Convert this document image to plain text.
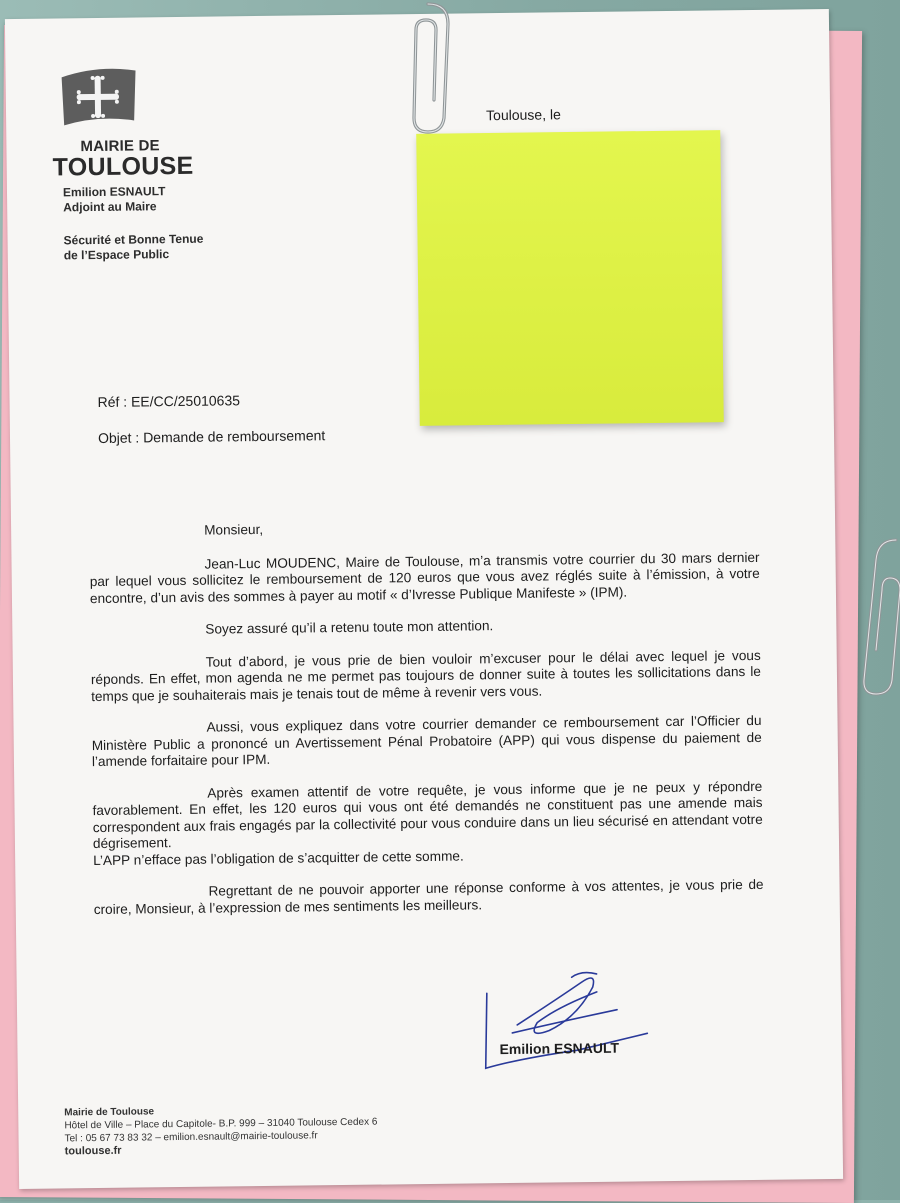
MAIRIE DE
TOULOUSE
Emilion ESNAULT
Adjoint au Maire
Sécurité et Bonne Tenue
de l’Espace Public
Toulouse, le
Réf : EE/CC/25010635
Objet : Demande de remboursement

Monsieur,

Jean-Luc MOUDENC, Maire de Toulouse, m’a transmis votre courrier du 30 mars dernier par lequel vous sollicitez le remboursement de 120 euros que vous avez réglés suite à l’émission, à votre encontre, d’un avis des sommes à payer au motif « d’Ivresse Publique Manifeste » (IPM).

Soyez assuré qu’il a retenu toute mon attention.

Tout d’abord, je vous prie de bien vouloir m’excuser pour le délai avec lequel je vous réponds. En effet, mon agenda ne me permet pas toujours de donner suite à toutes les sollicitations dans le temps que je souhaiterais mais je tenais tout de même à revenir vers vous.

Aussi, vous expliquez dans votre courrier demander ce remboursement car l’Officier du Ministère Public a prononcé un Avertissement Pénal Probatoire (APP) qui vous dispense du paiement de l’amende forfaitaire pour IPM.

Après examen attentif de votre requête, je vous informe que je ne peux y répondre favorablement. En effet, les 120 euros qui vous ont été demandés ne constituent pas une amende mais correspondent aux frais engagés par la collectivité pour vous conduire dans un lieu sécurisé en attendant votre dégrisement.

L’APP n’efface pas l’obligation de s’acquitter de cette somme.

Regrettant de ne pouvoir apporter une réponse conforme à vos attentes, je vous prie de croire, Monsieur, à l’expression de mes sentiments les meilleurs.

Emilion ESNAULT
Mairie de Toulouse
Hôtel de Ville – Place du Capitole- B.P. 999 – 31040 Toulouse Cedex 6
Tel : 05 67 73 83 32 – emilion.esnault@mairie-toulouse.fr
toulouse.fr
